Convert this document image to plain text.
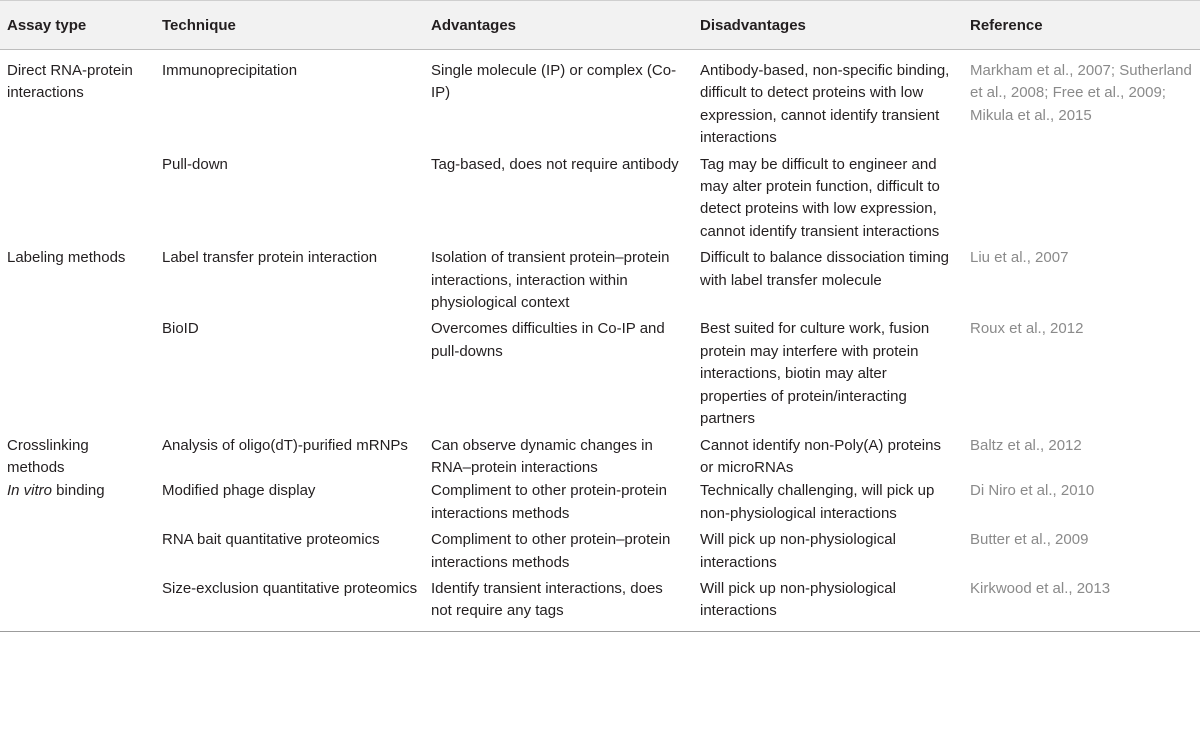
Assay type	Technique	Advantages	Disadvantages	Reference
Direct RNA-protein interactions	Immunoprecipitation	Single molecule (IP) or complex (Co-IP)	Antibody-based, non-specific binding, difficult to detect proteins with low expression, cannot identify transient interactions	Markham et al., 2007; Sutherland et al., 2008; Free et al., 2009; Mikula et al., 2015
	Pull-down	Tag-based, does not require antibody	Tag may be difficult to engineer and may alter protein function, difficult to detect proteins with low expression, cannot identify transient interactions	
Labeling methods	Label transfer protein interaction	Isolation of transient protein–protein interactions, interaction within physiological context	Difficult to balance dissociation timing with label transfer molecule	Liu et al., 2007
	BioID	Overcomes difficulties in Co-IP and pull-downs	Best suited for culture work, fusion protein may interfere with protein interactions, biotin may alter properties of protein/interacting partners	Roux et al., 2012
Crosslinking methods	Analysis of oligo(dT)-purified mRNPs	Can observe dynamic changes in RNA–protein interactions	Cannot identify non-Poly(A) proteins or microRNAs	Baltz et al., 2012
In vitro binding	Modified phage display	Compliment to other protein-protein interactions methods	Technically challenging, will pick up non-physiological interactions	Di Niro et al., 2010
	RNA bait quantitative proteomics	Compliment to other protein–protein interactions methods	Will pick up non-physiological interactions	Butter et al., 2009
	Size-exclusion quantitative proteomics	Identify transient interactions, does not require any tags	Will pick up non-physiological interactions	Kirkwood et al., 2013
